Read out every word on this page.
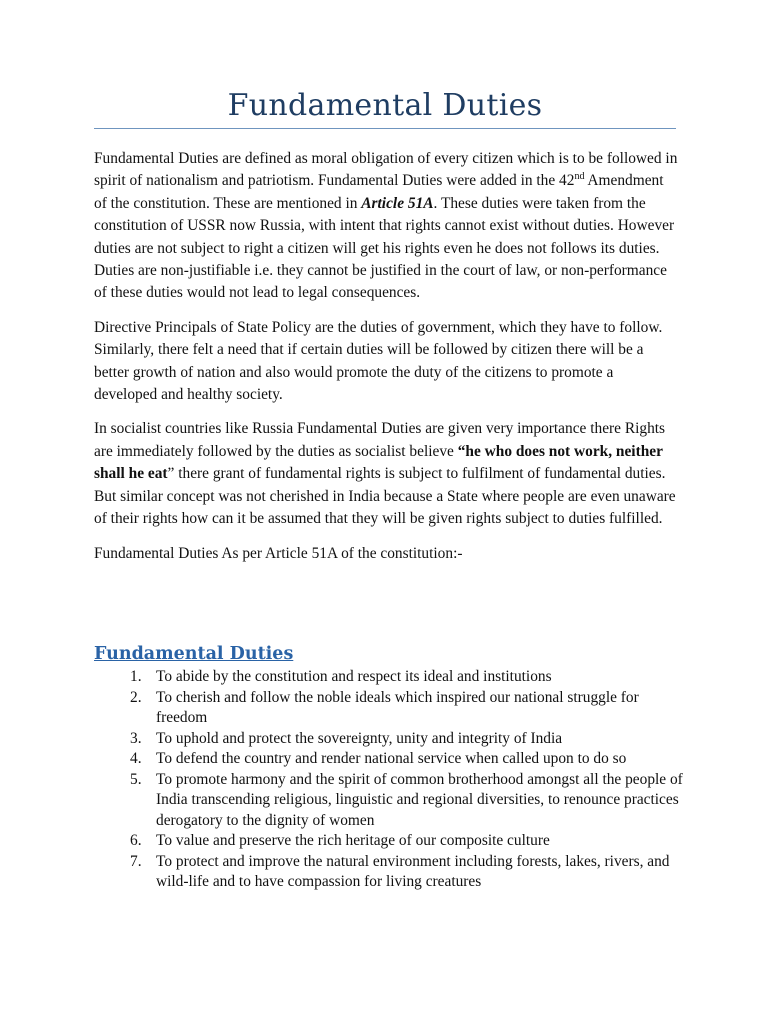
Fundamental Duties

Fundamental Duties are defined as moral obligation of every citizen which is to be followed in spirit of nationalism and patriotism. Fundamental Duties were added in the 42nd Amendment of the constitution. These are mentioned in Article 51A. These duties were taken from the constitution of USSR now Russia, with intent that rights cannot exist without duties. However duties are not subject to right a citizen will get his rights even he does not follows its duties. Duties are non-justifiable i.e. they cannot be justified in the court of law, or non-performance of these duties would not lead to legal consequences.

Directive Principals of State Policy are the duties of government, which they have to follow. Similarly, there felt a need that if certain duties will be followed by citizen there will be a better growth of nation and also would promote the duty of the citizens to promote a developed and healthy society.

In socialist countries like Russia Fundamental Duties are given very importance there Rights are immediately followed by the duties as socialist believe “he who does not work, neither shall he eat” there grant of fundamental rights is subject to fulfilment of fundamental duties. But similar concept was not cherished in India because a State where people are even unaware of their rights how can it be assumed that they will be given rights subject to duties fulfilled.

Fundamental Duties As per Article 51A of the constitution:-

Fundamental Duties
1. To abide by the constitution and respect its ideal and institutions
2. To cherish and follow the noble ideals which inspired our national struggle for freedom
3. To uphold and protect the sovereignty, unity and integrity of India
4. To defend the country and render national service when called upon to do so
5. To promote harmony and the spirit of common brotherhood amongst all the people of India transcending religious, linguistic and regional diversities, to renounce practices derogatory to the dignity of women
6. To value and preserve the rich heritage of our composite culture
7. To protect and improve the natural environment including forests, lakes, rivers, and wild-life and to have compassion for living creatures
